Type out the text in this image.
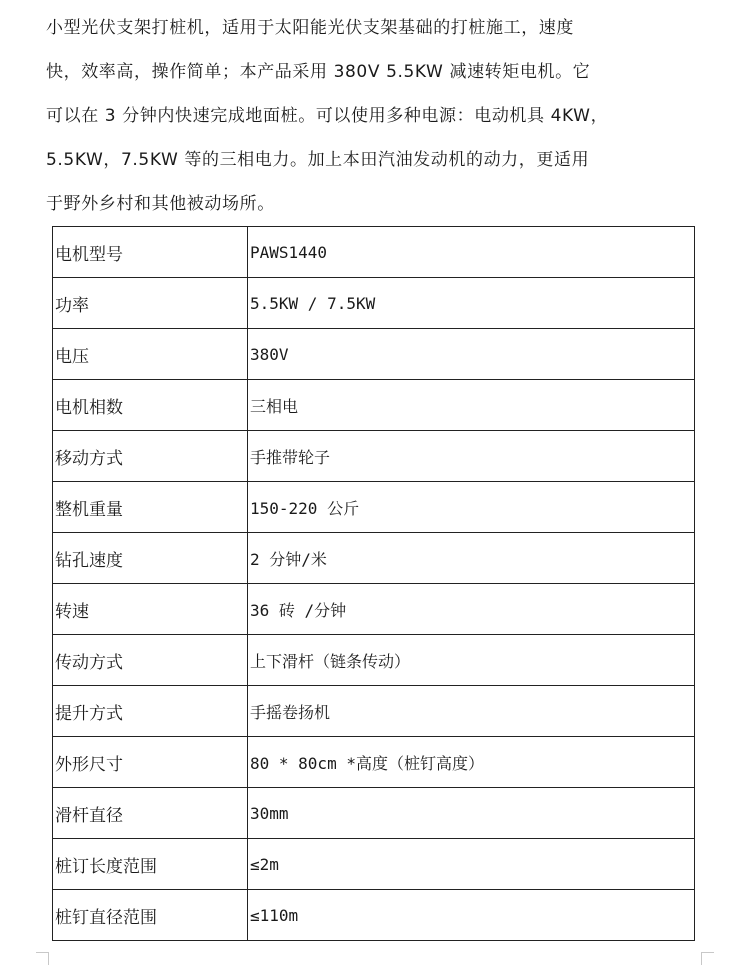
小型光伏支架打桩机，适用于太阳能光伏支架基础的打桩施工，速度
快，效率高，操作简单；本产品采用 380V 5.5KW 减速转矩电机。它
可以在 3 分钟内快速完成地面桩。可以使用多种电源：电动机具 4KW，
5.5KW，7.5KW 等的三相电力。加上本田汽油发动机的动力，更适用
于野外乡村和其他被动场所。
电机型号	PAWS1440
功率	5.5KW / 7.5KW
电压	380V
电机相数	三相电
移动方式	手推带轮子
整机重量	150-220 公斤
钻孔速度	2 分钟/米
转速	36 砖 /分钟
传动方式	上下滑杆（链条传动）
提升方式	手摇卷扬机
外形尺寸	80 * 80cm *高度（桩钉高度）
滑杆直径	30mm
桩订长度范围	≤2m
桩钉直径范围	≤110m
